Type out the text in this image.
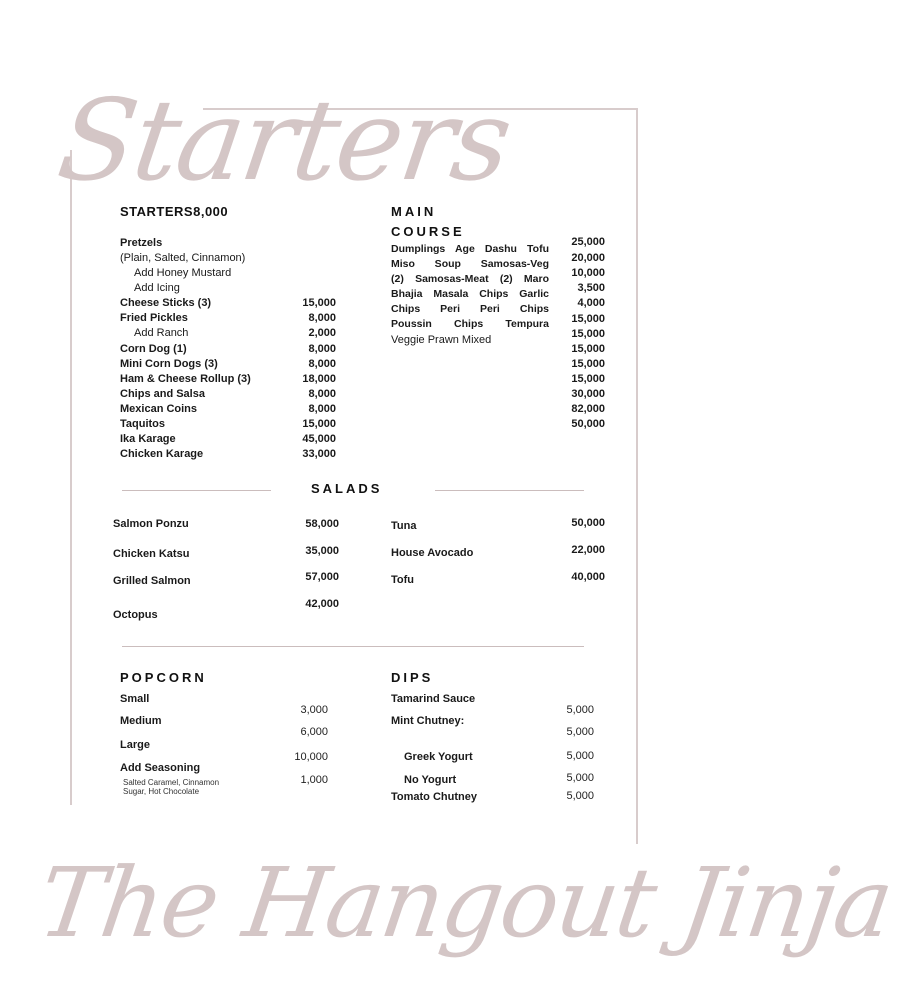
Starters
STARTERS8,000
Pretzels
(Plain, Salted, Cinnamon)
Add Honey Mustard
Add Icing
Cheese Sticks (3)
Fried Pickles
Add Ranch
Corn Dog (1)
Mini Corn Dogs (3)
Ham & Cheese Rollup (3)
Chips and Salsa
Mexican Coins
Taquitos
Ika Karage
Chicken Karage
15,000
8,000
2,000
8,000
8,000
18,000
8,000
8,000
15,000
45,000
33,000
MAIN
COURSE
Dumplings Age Dashu Tofu
Miso Soup Samosas-Veg
(2) Samosas-Meat (2) Maro
Bhajia Masala Chips Garlic
Chips Peri Peri Chips
Poussin Chips Tempura
Veggie Prawn Mixed
25,000
20,000
10,000
3,500
4,000
15,000
15,000
15,000
15,000
15,000
30,000
82,000
50,000
SALADS
Salmon Ponzu
Chicken Katsu
Grilled Salmon
Octopus
58,000
35,000
57,000
42,000
Tuna
House Avocado
Tofu
50,000
22,000
40,000
POPCORN
Small
Medium
Large
Add Seasoning
Salted Caramel, Cinnamon
Sugar, Hot Chocolate
3,000
6,000
10,000
1,000
DIPS
Tamarind Sauce
Mint Chutney:
Greek Yogurt
No Yogurt
Tomato Chutney
5,000
5,000
5,000
5,000
5,000
The Hangout Jinja
